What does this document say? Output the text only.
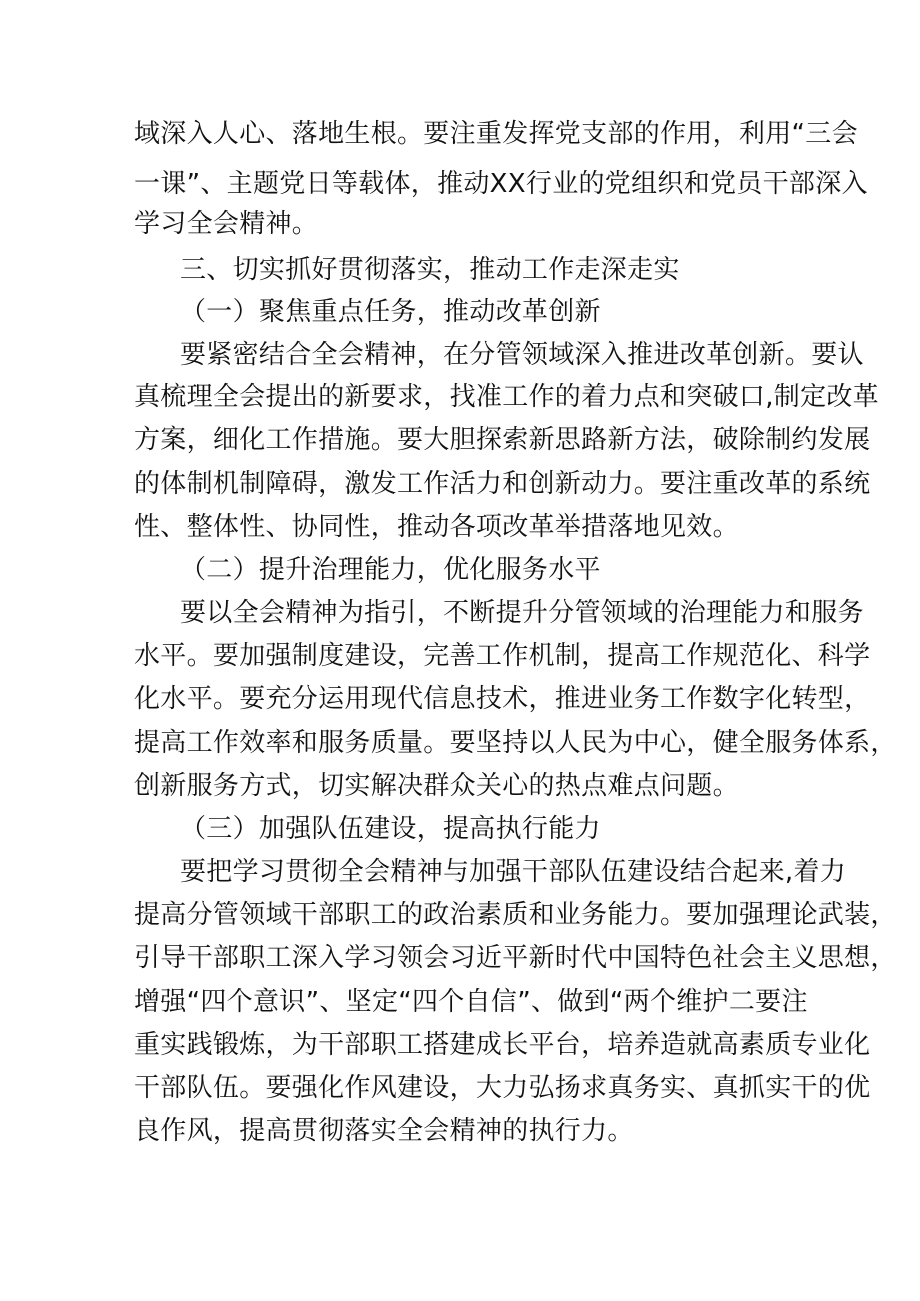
域深入人心、落地生根。要注重发挥党支部的作用，利用“三会
一课”、主题党日等载体，推动XX行业的党组织和党员干部深入
学习全会精神。
三、切实抓好贯彻落实，推动工作走深走实
（一）聚焦重点任务，推动改革创新
要紧密结合全会精神，在分管领域深入推进改革创新。要认
真梳理全会提出的新要求，找准工作的着力点和突破口,制定改革
方案，细化工作措施。要大胆探索新思路新方法，破除制约发展
的体制机制障碍，激发工作活力和创新动力。要注重改革的系统
性、整体性、协同性，推动各项改革举措落地见效。
（二）提升治理能力，优化服务水平
要以全会精神为指引，不断提升分管领域的治理能力和服务
水平。要加强制度建设，完善工作机制，提高工作规范化、科学
化水平。要充分运用现代信息技术，推进业务工作数字化转型，
提高工作效率和服务质量。要坚持以人民为中心，健全服务体系，
创新服务方式，切实解决群众关心的热点难点问题。
（三）加强队伍建设，提高执行能力
要把学习贯彻全会精神与加强干部队伍建设结合起来,着力
提高分管领域干部职工的政治素质和业务能力。要加强理论武装，
引导干部职工深入学习领会习近平新时代中国特色社会主义思想，
增强“四个意识”、坚定“四个自信”、做到“两个维护二要注
重实践锻炼，为干部职工搭建成长平台，培养造就高素质专业化
干部队伍。要强化作风建设，大力弘扬求真务实、真抓实干的优
良作风，提高贯彻落实全会精神的执行力。
